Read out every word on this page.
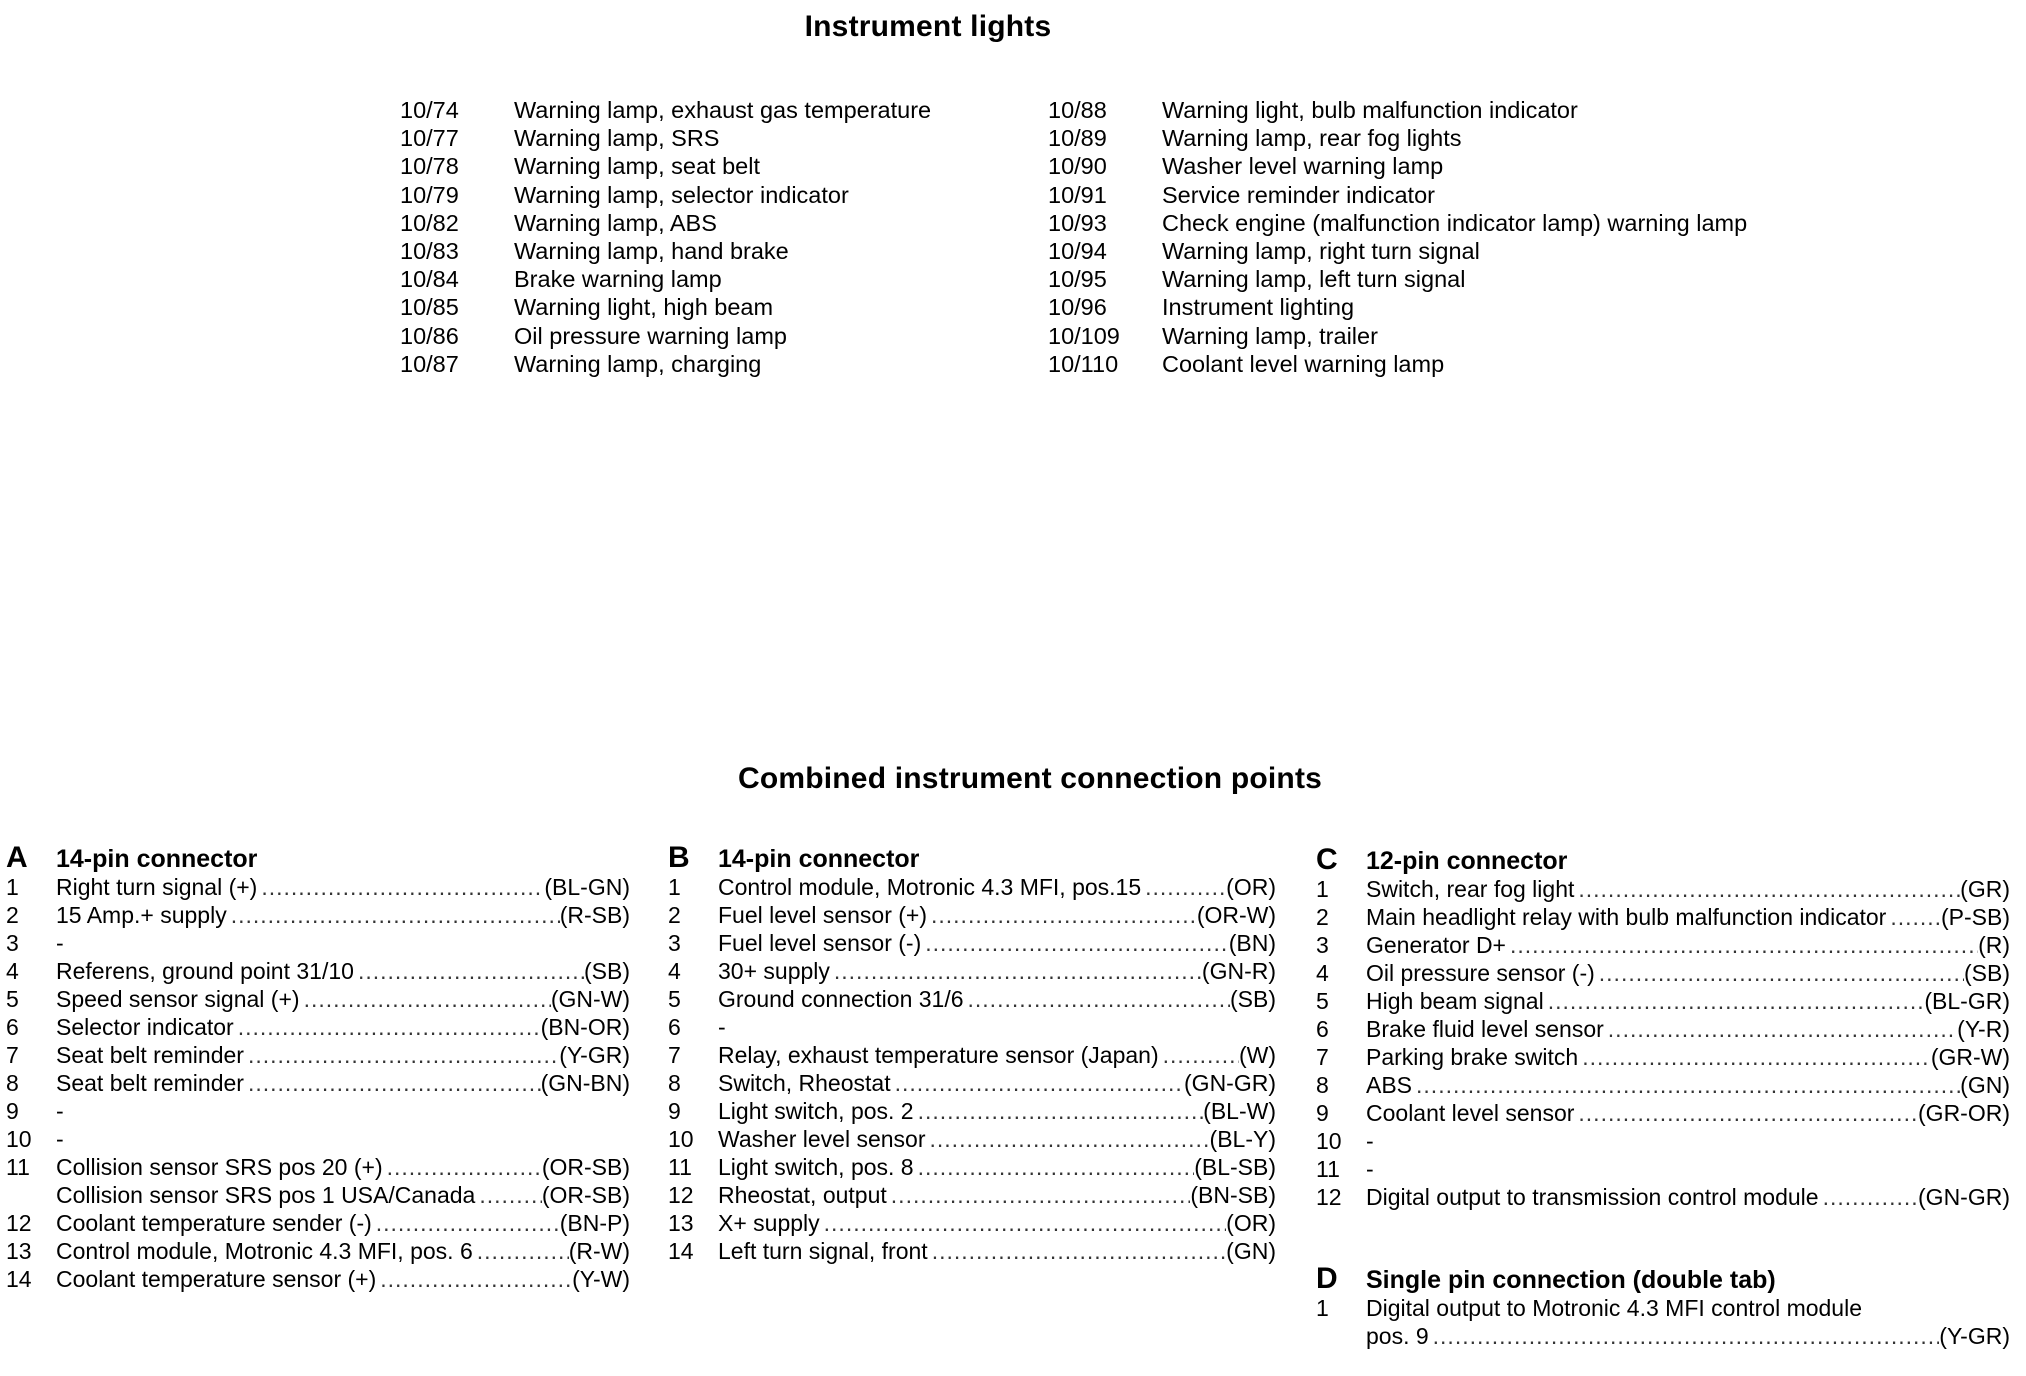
Instrument lights
10/74	Warning lamp, exhaust gas temperature
10/77	Warning lamp, SRS
10/78	Warning lamp, seat belt
10/79	Warning lamp, selector indicator
10/82	Warning lamp, ABS
10/83	Warning lamp, hand brake
10/84	Brake warning lamp
10/85	Warning light, high beam
10/86	Oil pressure warning lamp
10/87	Warning lamp, charging
10/88	Warning light, bulb malfunction indicator
10/89	Warning lamp, rear fog lights
10/90	Washer level warning lamp
10/91	Service reminder indicator
10/93	Check engine (malfunction indicator lamp) warning lamp
10/94	Warning lamp, right turn signal
10/95	Warning lamp, left turn signal
10/96	Instrument lighting
10/109	Warning lamp, trailer
10/110	Coolant level warning lamp
Combined instrument connection points
A	14-pin connector
1	Right turn signal (+) .....	(BL-GN)
2	15 Amp.+ supply .....	(R-SB)
3	-
4	Referens, ground point 31/10 .....	(SB)
5	Speed sensor signal (+) .....	(GN-W)
6	Selector indicator .....	(BN-OR)
7	Seat belt reminder .....	(Y-GR)
8	Seat belt reminder .....	(GN-BN)
9	-
10	-
11	Collision sensor SRS pos 20 (+) .....	(OR-SB)
Collision sensor SRS pos 1 USA/Canada .....	(OR-SB)
12	Coolant temperature sender (-) .....	(BN-P)
13	Control module, Motronic 4.3 MFI, pos. 6 .....	(R-W)
14	Coolant temperature sensor (+) .....	(Y-W)
B	14-pin connector
1	Control module, Motronic 4.3 MFI, pos.15 .....	(OR)
2	Fuel level sensor (+) .....	(OR-W)
3	Fuel level sensor (-) .....	(BN)
4	30+ supply .....	(GN-R)
5	Ground connection 31/6 .....	(SB)
6	-
7	Relay, exhaust temperature sensor (Japan) .....	(W)
8	Switch, Rheostat .....	(GN-GR)
9	Light switch, pos. 2 .....	(BL-W)
10	Washer level sensor .....	(BL-Y)
11	Light switch, pos. 8 .....	(BL-SB)
12	Rheostat, output .....	(BN-SB)
13	X+ supply .....	(OR)
14	Left turn signal, front .....	(GN)
C	12-pin connector
1	Switch, rear fog light .....	(GR)
2	Main headlight relay with bulb malfunction indicator ..... (P-SB)
3	Generator D+ .....	(R)
4	Oil pressure sensor (-) .....	(SB)
5	High beam signal .....	(BL-GR)
6	Brake fluid level sensor .....	(Y-R)
7	Parking brake switch .....	(GR-W)
8	ABS .....	(GN)
9	Coolant level sensor .....	(GR-OR)
10	-
11	-
12	Digital output to transmission control module .....	(GN-GR)
D	Single pin connection (double tab)
1	Digital output to Motronic 4.3 MFI control module
pos. 9 .....	(Y-GR)
